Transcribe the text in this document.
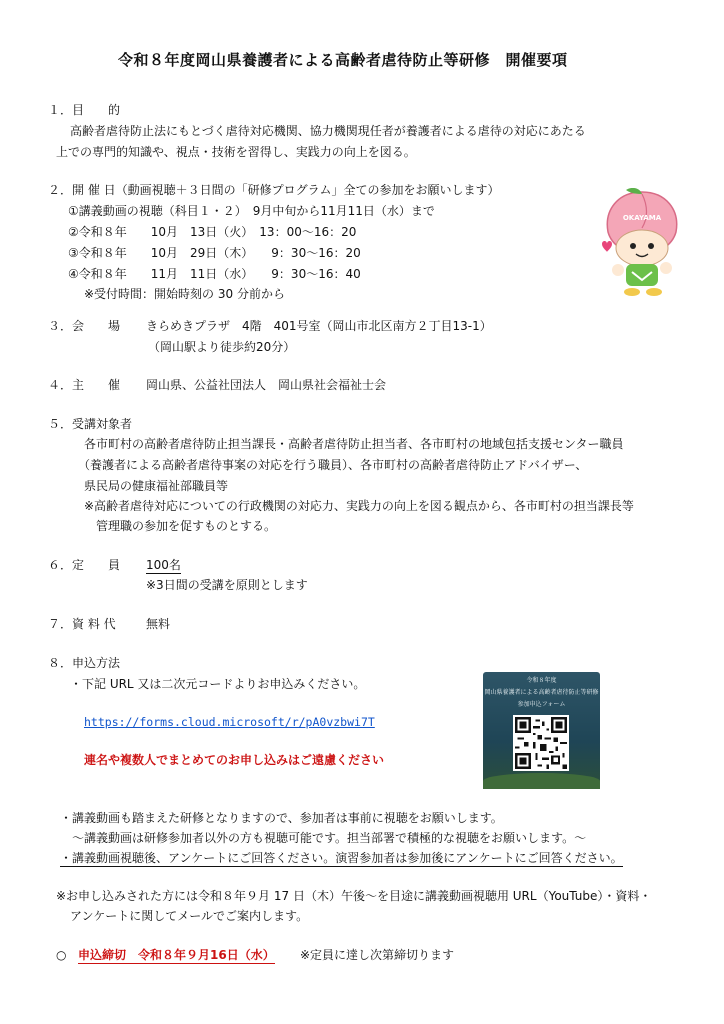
令和８年度岡山県養護者による高齢者虐待防止等研修　開催要項
１．目　　的
高齢者虐待防止法にもとづく虐待対応機関、協力機関現任者が養護者による虐待の対応にあたる
上での専門的知識や、視点・技術を習得し、実践力の向上を図る。
２．開 催 日（動画視聴＋３日間の「研修プログラム」全ての参加をお願いします）
①講義動画の視聴（科目１・２）　9月中旬から11月11日（水）まで
②令和８年　　10月　13日（火）　13：00～16：20
③令和８年　　10月　29日（木）　　9：30～16：20
④令和８年　　11月　11日（水）　　9：30～16：40
※受付時間：開始時刻の 30 分前から
OKAYAMA
３．会　　場 きらめきプラザ　4階　401号室（岡山市北区南方２丁目13-1）
（岡山駅より徒歩約20分）
４．主　　催 岡山県、公益社団法人　岡山県社会福祉士会
５．受講対象者
各市町村の高齢者虐待防止担当課長・高齢者虐待防止担当者、各市町村の地域包括支援センター職員
（養護者による高齢者虐待事案の対応を行う職員）、各市町村の高齢者虐待防止アドバイザー、
県民局の健康福祉部職員等
※高齢者虐待対応についての行政機関の対応力、実践力の向上を図る観点から、各市町村の担当課長等
管理職の参加を促すものとする。
６．定　　員 100名
※3日間の受講を原則とします
７．資 料 代	無料
８．申込方法
・下記 URL 又は二次元コードよりお申込みください。
https://forms.cloud.microsoft/r/pA0vzbwi7T
連名や複数人でまとめてのお申し込みはご遠慮ください
令和８年度
岡山県養護者による高齢者虐待防止等研修
参加申込フォーム
・講義動画も踏まえた研修となりますので、参加者は事前に視聴をお願いします。
～講義動画は研修参加者以外の方も視聴可能です。担当部署で積極的な視聴をお願いします。～
・講義動画視聴後、アンケートにご回答ください。演習参加者は参加後にアンケートにご回答ください。
※お申し込みされた方には令和８年９月 17 日（木）午後～を目途に講義動画視聴用 URL（YouTube）・資料・
アンケートに関してメールでご案内します。
○ 申込締切　令和８年９月16日（水） ※定員に達し次第締切ります
